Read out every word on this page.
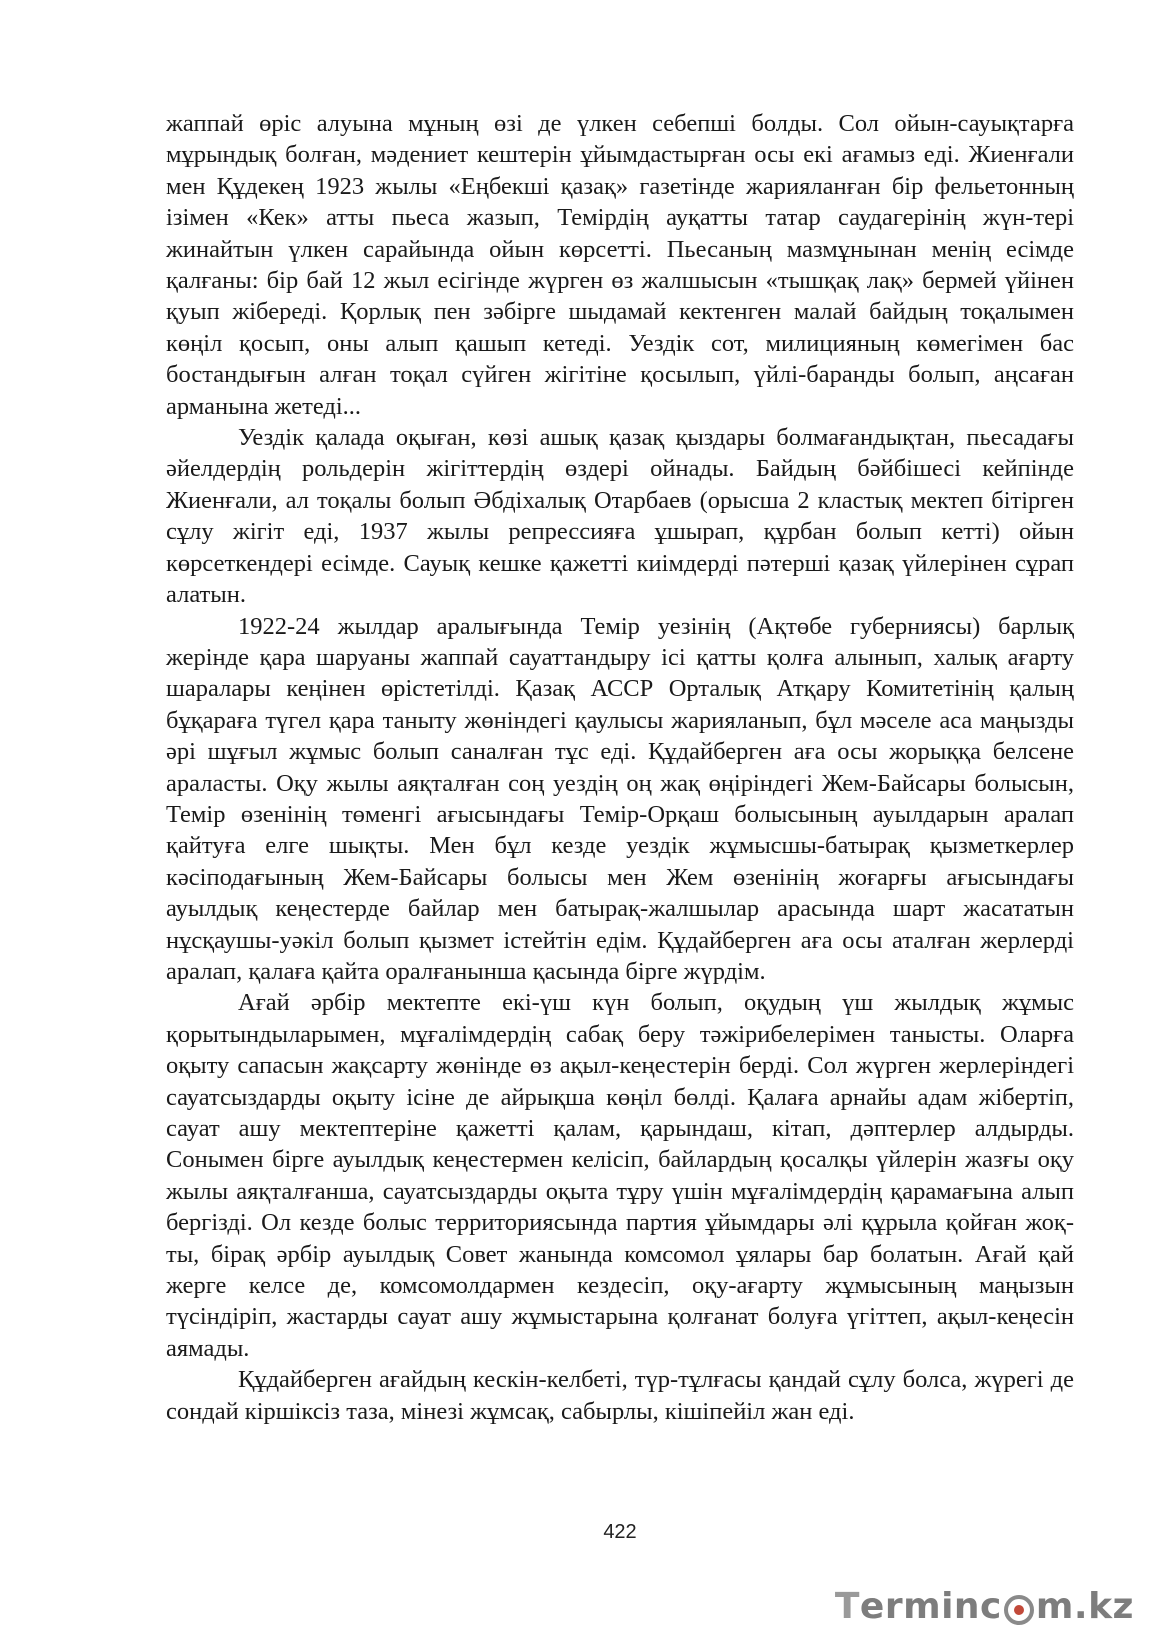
жаппай өріс алуына мұның өзі де үлкен себепші болды. Сол ойын-сауықтарға мұрындық болған, мәдениет кештерін ұйымдастырған осы екі ағамыз еді. Жиенғали мен Құдекең 1923 жылы «Еңбекші қазақ» газетінде жарияланған бір фельетонның ізімен «Кек» атты пьеса жазып, Темірдің ауқатты татар саудагерінің жүн-тері жинайтын үлкен сарайында ойын көрсетті. Пьесаның мазмұнынан менің есімде қалғаны: бір бай 12 жыл есігінде жүрген өз жалшысын «тышқақ лақ» бермей үйінен қуып жібереді. Қорлық пен зәбірге шыдамай кектенген малай байдың тоқалымен көңіл қосып, оны алып қашып кетеді. Уездік сот, милицияның көмегімен бас бостандығын алған тоқал сүйген жігітіне қосылып, үйлі-баранды болып, аңсаған арманына жетеді...

Уездік қалада оқыған, көзі ашық қазақ қыздары болмағандықтан, пьесадағы әйелдердің рольдерін жігіттердің өздері ойнады. Байдың бәйбішесі кейпінде Жиенғали, ал тоқалы болып Әбдіхалық Отарбаев (орысша 2 кластық мектеп бітірген сұлу жігіт еді, 1937 жылы репрессияға ұшырап, құрбан болып кетті) ойын көрсеткендері есімде. Сауық кешке қажетті киімдерді пәтерші қазақ үйлерінен сұрап алатын.

1922-24 жылдар аралығында Темір уезінің (Ақтөбе губерниясы) барлық жерінде қара шаруаны жаппай сауаттандыру ісі қатты қолға алынып, халық ағарту шаралары кеңінен өрістетілді. Қазақ АССР Орталық Атқару Комитетінің қалың бұқараға түгел қара таныту жөніндегі қаулысы жарияланып, бұл мәселе аса маңызды әрі шұғыл жұмыс болып саналған тұс еді. Құдайберген аға осы жорыққа белсене араласты. Оқу жылы аяқталған соң уездің оң жақ өңіріндегі Жем-Байсары болысын, Темір өзенінің төменгі ағысындағы Темір-Орқаш болысының ауылдарын аралап қайтуға елге шықты. Мен бұл кезде уездік жұмысшы-батырақ қызметкерлер кәсіподағының Жем-Байсары болысы мен Жем өзенінің жоғарғы ағысындағы ауылдық кеңестерде байлар мен батырақ-жалшылар арасында шарт жасататын нұсқаушы-уәкіл болып қызмет істейтін едім. Құдайберген аға осы аталған жерлерді аралап, қалаға қайта оралғанынша қасында бірге жүрдім.

Ағай әрбір мектепте екі-үш күн болып, оқудың үш жылдық жұмыс қорытындыларымен, мұғалімдердің сабақ беру тәжірибелерімен танысты. Оларға оқыту сапасын жақсарту жөнінде өз ақыл-кеңестерін берді. Сол жүрген жерлеріндегі сауатсыздарды оқыту ісіне де айрықша көңіл бөлді. Қалаға арнайы адам жібертіп, сауат ашу мектептеріне қажетті қалам, қарындаш, кітап, дәптерлер алдырды. Сонымен бірге ауылдық кеңестермен келісіп, байлардың қосалқы үйлерін жазғы оқу жылы аяқталғанша, сауатсыздарды оқыта тұру үшін мұғалімдердің қарамағына алып бергізді. Ол кезде болыс территориясында партия ұйымдары әлі құрыла қойған жоқ-ты, бірақ әрбір ауылдық Совет жанында комсомол ұялары бар болатын. Ағай қай жерге келсе де, комсомолдармен кездесіп, оқу-ағарту жұмысының маңызын түсіндіріп, жастарды сауат ашу жұмыстарына қолғанат болуға үгіттеп, ақыл-кеңесін аямады.

Құдайберген ағайдың кескін-келбеті, түр-тұлғасы қандай сұлу болса, жүрегі де сондай кіршіксіз таза, мінезі жұмсақ, сабырлы, кішіпейіл жан еді.

422
T erminc m.kz
